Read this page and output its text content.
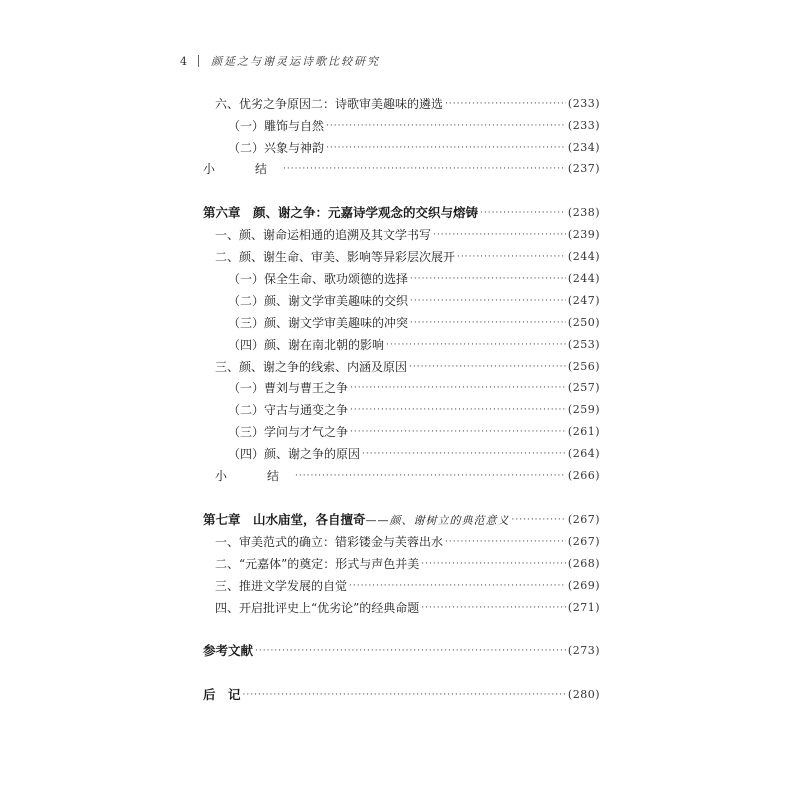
4	颜延之与谢灵运诗歌比较研究
六、优劣之争原因二：诗歌审美趣味的遴选 ·····	(233)
（一）雕饰与自然 ·····	(233)
（二）兴象与神韵 ·····	(234)
小　结 ·····	(237)
第六章　颜、谢之争：元嘉诗学观念的交织与熔铸 ·····	(238)
一、颜、谢命运相通的追溯及其文学书写 ·····	(239)
二、颜、谢生命、审美、影响等异彩层次展开 ·····	(244)
（一）保全生命、歌功颂德的选择 ·····	(244)
（二）颜、谢文学审美趣味的交织 ·····	(247)
（三）颜、谢文学审美趣味的冲突 ·····	(250)
（四）颜、谢在南北朝的影响 ·····	(253)
三、颜、谢之争的线索、内涵及原因 ·····	(256)
（一）曹刘与曹王之争 ·····	(257)
（二）守古与通变之争 ·····	(259)
（三）学问与才气之争 ·····	(261)
（四）颜、谢之争的原因 ·····	(264)
小　结 ·····	(266)
第七章　山水庙堂，各自擅奇——颜、谢树立的典范意义 ·····	(267)
一、审美范式的确立：错彩镂金与芙蓉出水 ·····	(267)
二、“元嘉体”的奠定：形式与声色并美 ·····	(268)
三、推进文学发展的自觉 ·····	(269)
四、开启批评史上“优劣论”的经典命题 ·····	(271)
参考文献 ·····	(273)
后　记 ·····	(280)
